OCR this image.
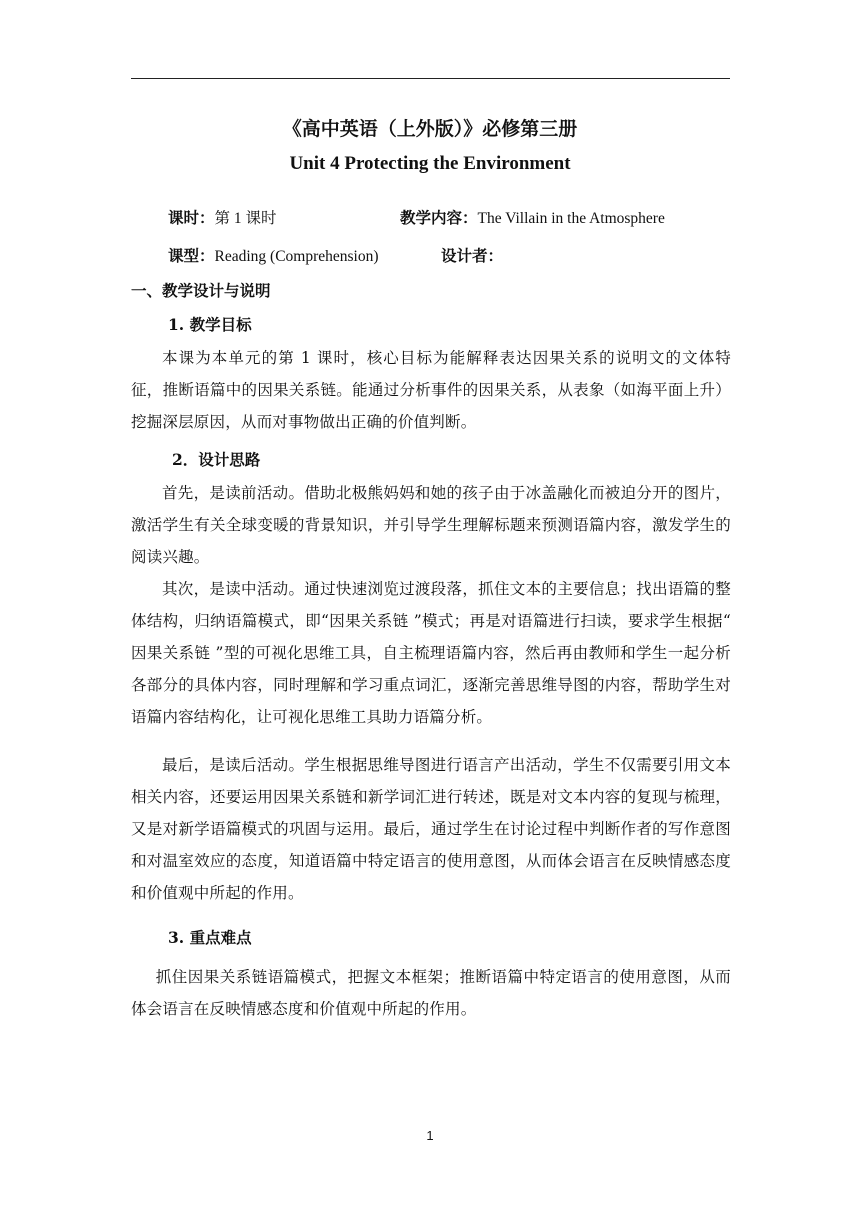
《高中英语（上外版）》必修第三册
Unit 4 Protecting the Environment
课时：第 1 课时	教学内容：The Villain in the Atmosphere
课型：Reading (Comprehension)	设计者：
一、教学设计与说明
1. 教学目标
本课为本单元的第 1 课时，核心目标为能解释表达因果关系的说明文的文体特征，推断语篇中的因果关系链。能通过分析事件的因果关系，从表象（如海平面上升）挖掘深层原因，从而对事物做出正确的价值判断。
2．设计思路
首先，是读前活动。借助北极熊妈妈和她的孩子由于冰盖融化而被迫分开的图片，激活学生有关全球变暖的背景知识，并引导学生理解标题来预测语篇内容，激发学生的阅读兴趣。
其次，是读中活动。通过快速浏览过渡段落，抓住文本的主要信息；找出语篇的整体结构，归纳语篇模式，即“因果关系链 ”模式；再是对语篇进行扫读，要求学生根据“ 因果关系链 ”型的可视化思维工具，自主梳理语篇内容，然后再由教师和学生一起分析各部分的具体内容，同时理解和学习重点词汇，逐渐完善思维导图的内容，帮助学生对语篇内容结构化，让可视化思维工具助力语篇分析。
最后，是读后活动。学生根据思维导图进行语言产出活动，学生不仅需要引用文本相关内容，还要运用因果关系链和新学词汇进行转述，既是对文本内容的复现与梳理，又是对新学语篇模式的巩固与运用。最后，通过学生在讨论过程中判断作者的写作意图和对温室效应的态度，知道语篇中特定语言的使用意图，从而体会语言在反映情感态度和价值观中所起的作用。
3. 重点难点
抓住因果关系链语篇模式，把握文本框架；推断语篇中特定语言的使用意图，从而体会语言在反映情感态度和价值观中所起的作用。
1
